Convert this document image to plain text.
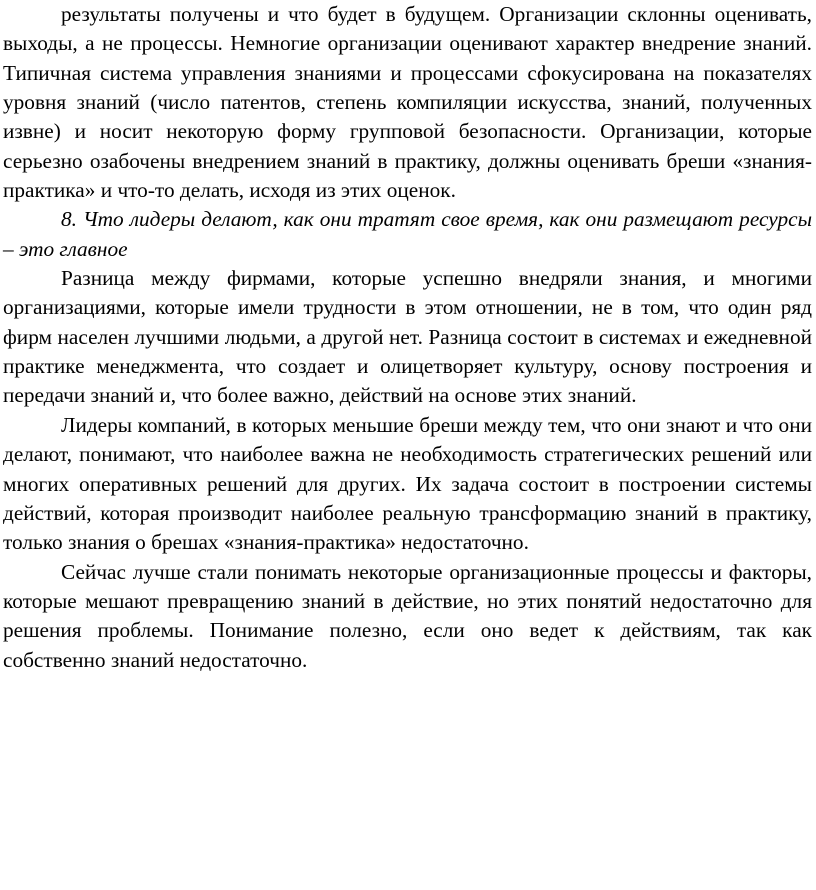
результаты получены и что будет в будущем. Организации склонны оценивать, выходы, а не процессы. Немногие организации оценивают характер внедрение знаний. Типичная система управления знаниями и процессами сфокусирована на показателях уровня знаний (число патентов, степень компиляции искусства, знаний, полученных извне) и носит некоторую форму групповой безопасности. Организации, которые серьезно озабочены внедрением знаний в практику, должны оценивать бреши «знания-практика» и что-то делать, исходя из этих оценок.

8. Что лидеры делают, как они тратят свое время, как они размещают ресурсы – это главное

Разница между фирмами, которые успешно внедряли знания, и многими организациями, которые имели трудности в этом отношении, не в том, что один ряд фирм населен лучшими людьми, а другой нет. Разница состоит в системах и ежедневной практике менеджмента, что создает и олицетворяет культуру, основу построения и передачи знаний и, что более важно, действий на основе этих знаний.

Лидеры компаний, в которых меньшие бреши между тем, что они знают и что они делают, понимают, что наиболее важна не необходимость стратегических решений или многих оперативных решений для других. Их задача состоит в построении системы действий, которая производит наиболее реальную трансформацию знаний в практику, только знания о брешах «знания-практика» недостаточно.

Сейчас лучше стали понимать некоторые организационные процессы и факторы, которые мешают превращению знаний в действие, но этих понятий недостаточно для решения проблемы. Понимание полезно, если оно ведет к действиям, так как собственно знаний недостаточно.
